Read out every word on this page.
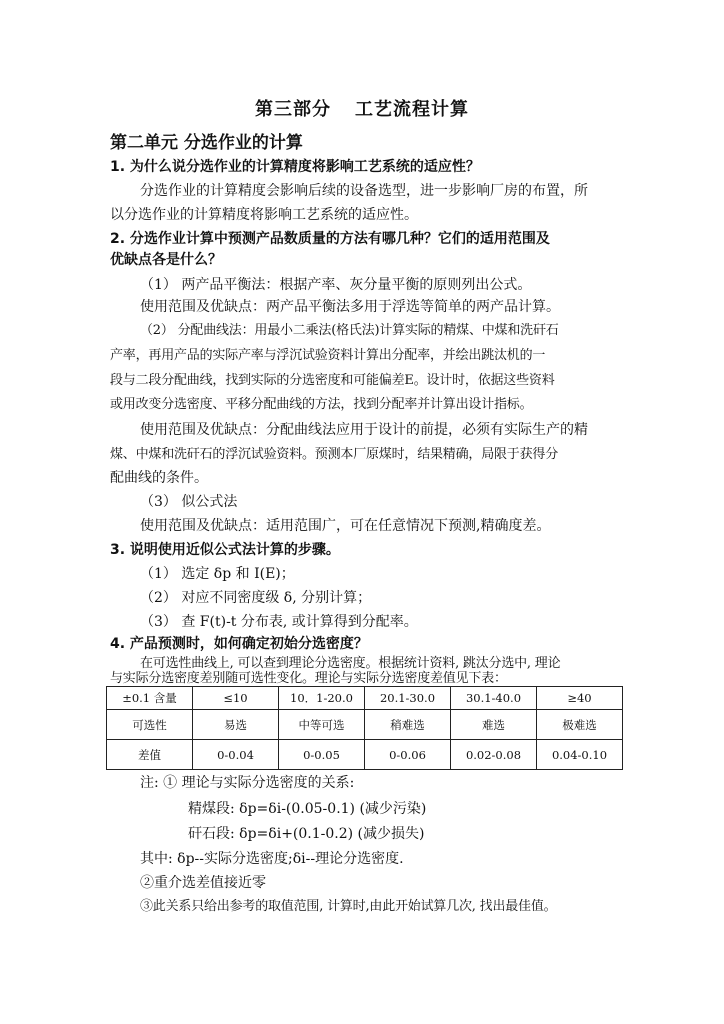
第三部分 工艺流程计算
第二单元 分选作业的计算
1. 为什么说分选作业的计算精度将影响工艺系统的适应性？
分选作业的计算精度会影响后续的设备选型，进一步影响厂房的布置，所
以分选作业的计算精度将影响工艺系统的适应性。
2. 分选作业计算中预测产品数质量的方法有哪几种？它们的适用范围及
优缺点各是什么？
（1） 两产品平衡法：根据产率、灰分量平衡的原则列出公式。
使用范围及优缺点：两产品平衡法多用于浮选等简单的两产品计算。
（2） 分配曲线法：用最小二乘法(格氏法)计算实际的精煤、中煤和洗矸石
产率，再用产品的实际产率与浮沉试验资料计算出分配率，并绘出跳汰机的一
段与二段分配曲线，找到实际的分选密度和可能偏差E。设计时，依据这些资料
或用改变分选密度、平移分配曲线的方法，找到分配率并计算出设计指标。
使用范围及优缺点：分配曲线法应用于设计的前提，必须有实际生产的精
煤、中煤和洗矸石的浮沉试验资料。预测本厂原煤时，结果精确，局限于获得分
配曲线的条件。
（3） 似公式法
使用范围及优缺点：适用范围广，可在任意情况下预测,精确度差。
3. 说明使用近似公式法计算的步骤。
（1） 选定 δp 和 I(E)；
（2） 对应不同密度级 δ, 分别计算；
（3） 查 F(t)-t 分布表, 或计算得到分配率。
4. 产品预测时，如何确定初始分选密度？
在可选性曲线上, 可以查到理论分选密度。根据统计资料, 跳汰分选中, 理论
与实际分选密度差别随可选性变化。理论与实际分选密度差值见下表：
±0.1 含量	≤10	10．1-20.0	20.1-30.0	30.1-40.0	≥40
可选性	易选	中等可选	稍难选	难选	极难选
差值	0-0.04	0-0.05	0-0.06	0.02-0.08	0.04-0.10
注: ① 理论与实际分选密度的关系:
精煤段: δp=δi-(0.05-0.1) (减少污染)
矸石段: δp=δi+(0.1-0.2) (减少损失)
其中: δp--实际分选密度;δi--理论分选密度.
②重介选差值接近零
③此关系只给出参考的取值范围, 计算时,由此开始试算几次, 找出最佳值。
